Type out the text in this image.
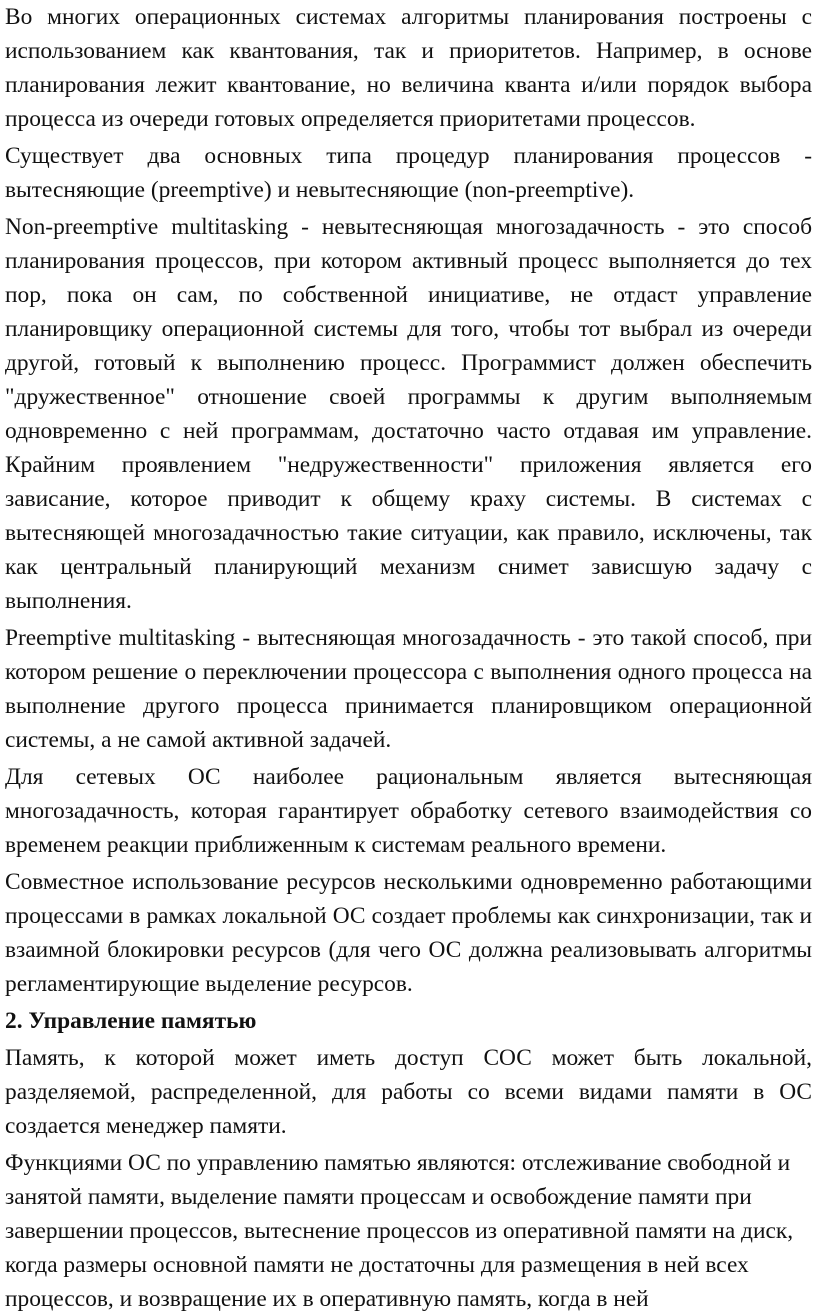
Во многих операционных системах алгоритмы планирования построены с использованием как квантования, так и приоритетов. Например, в основе планирования лежит квантование, но величина кванта и/или порядок выбора процесса из очереди готовых определяется приоритетами процессов.

Существует два основных типа процедур планирования процессов - вытесняющие (preemptive) и невытесняющие (non-preemptive).

Non-preemptive multitasking - невытесняющая многозадачность - это способ планирования процессов, при котором активный процесс выполняется до тех пор, пока он сам, по собственной инициативе, не отдаст управление планировщику операционной системы для того, чтобы тот выбрал из очереди другой, готовый к выполнению процесс. Программист должен обеспечить "дружественное" отношение своей программы к другим выполняемым одновременно с ней программам, достаточно часто отдавая им управление. Крайним проявлением "недружественности" приложения является его зависание, которое приводит к общему краху системы. В системах с вытесняющей многозадачностью такие ситуации, как правило, исключены, так как центральный планирующий механизм снимет зависшую задачу с выполнения.

Preemptive multitasking - вытесняющая многозадачность - это такой способ, при котором решение о переключении процессора с выполнения одного процесса на выполнение другого процесса принимается планировщиком операционной системы, а не самой активной задачей.

Для сетевых ОС наиболее рациональным является вытесняющая многозадачность, которая гарантирует обработку сетевого взаимодействия со временем реакции приближенным к системам реального времени.

Совместное использование ресурсов несколькими одновременно работающими процессами в рамках локальной ОС создает проблемы как синхронизации, так и взаимной блокировки ресурсов (для чего ОС должна реализовывать алгоритмы регламентирующие выделение ресурсов.

2. Управление памятью

Память, к которой может иметь доступ СОС может быть локальной, разделяемой, распределенной, для работы со всеми видами памяти в ОС создается менеджер памяти.

Функциями ОС по управлению памятью являются: отслеживание свободной и занятой памяти, выделение памяти процессам и освобождение памяти при завершении процессов, вытеснение процессов из оперативной памяти на диск, когда размеры основной памяти не достаточны для размещения в ней всех процессов, и возвращение их в оперативную память, когда в ней
